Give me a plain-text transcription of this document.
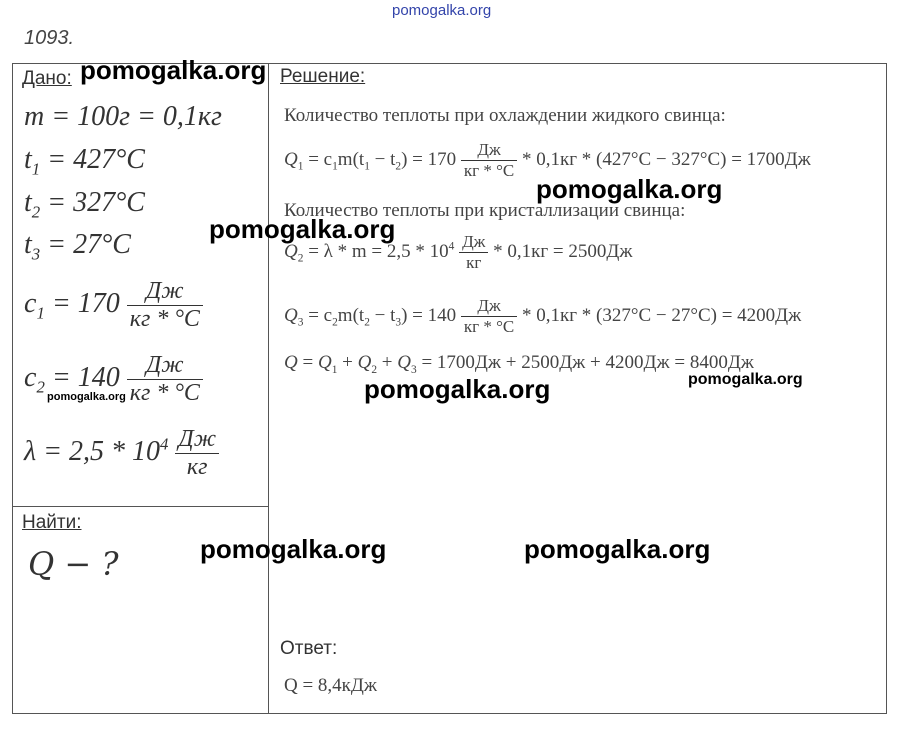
pomogalka.org
1093.
Дано:
m = 100г = 0,1кг
$t_1 = 427^\circ C$
$t_2 = 327^\circ C$
$t_3 = 27^\circ C$
$c_1 = 170 \frac{Дж}{кг * ^\circ C}$
$c_2 = 140 \frac{Дж}{кг * ^\circ C}$
$\lambda = 2,5 * 10^4 \frac{Дж}{кг}$
Найти:
Q − ?
Решение:
Количество теплоты при охлаждении жидкого свинца:
$Q_1 = c_1m(t_1 - t_2) = 170 \frac{Дж}{кг * ^\circ C} * 0,1кг * (427^\circ C - 327^\circ C) = 1700Дж$
Количество теплоты при кристаллизации свинца:
$Q_2 = \lambda * m = 2,5 * 10^4 \frac{Дж}{кг} * 0,1кг = 2500Дж$
$Q_3 = c_2m(t_2 - t_3) = 140 \frac{Дж}{кг * ^\circ C} * 0,1кг * (327^\circ C - 27^\circ C) = 4200Дж$
$Q = Q_1 + Q_2 + Q_3 = 1700Дж + 2500Дж + 4200Дж = 8400Дж$
Ответ:
Q = 8,4кДж
pomogalka.org
pomogalka.org
pomogalka.org
pomogalka.org	pomogalka.org
pomogalka.org
pomogalka.org	pomogalka.org
